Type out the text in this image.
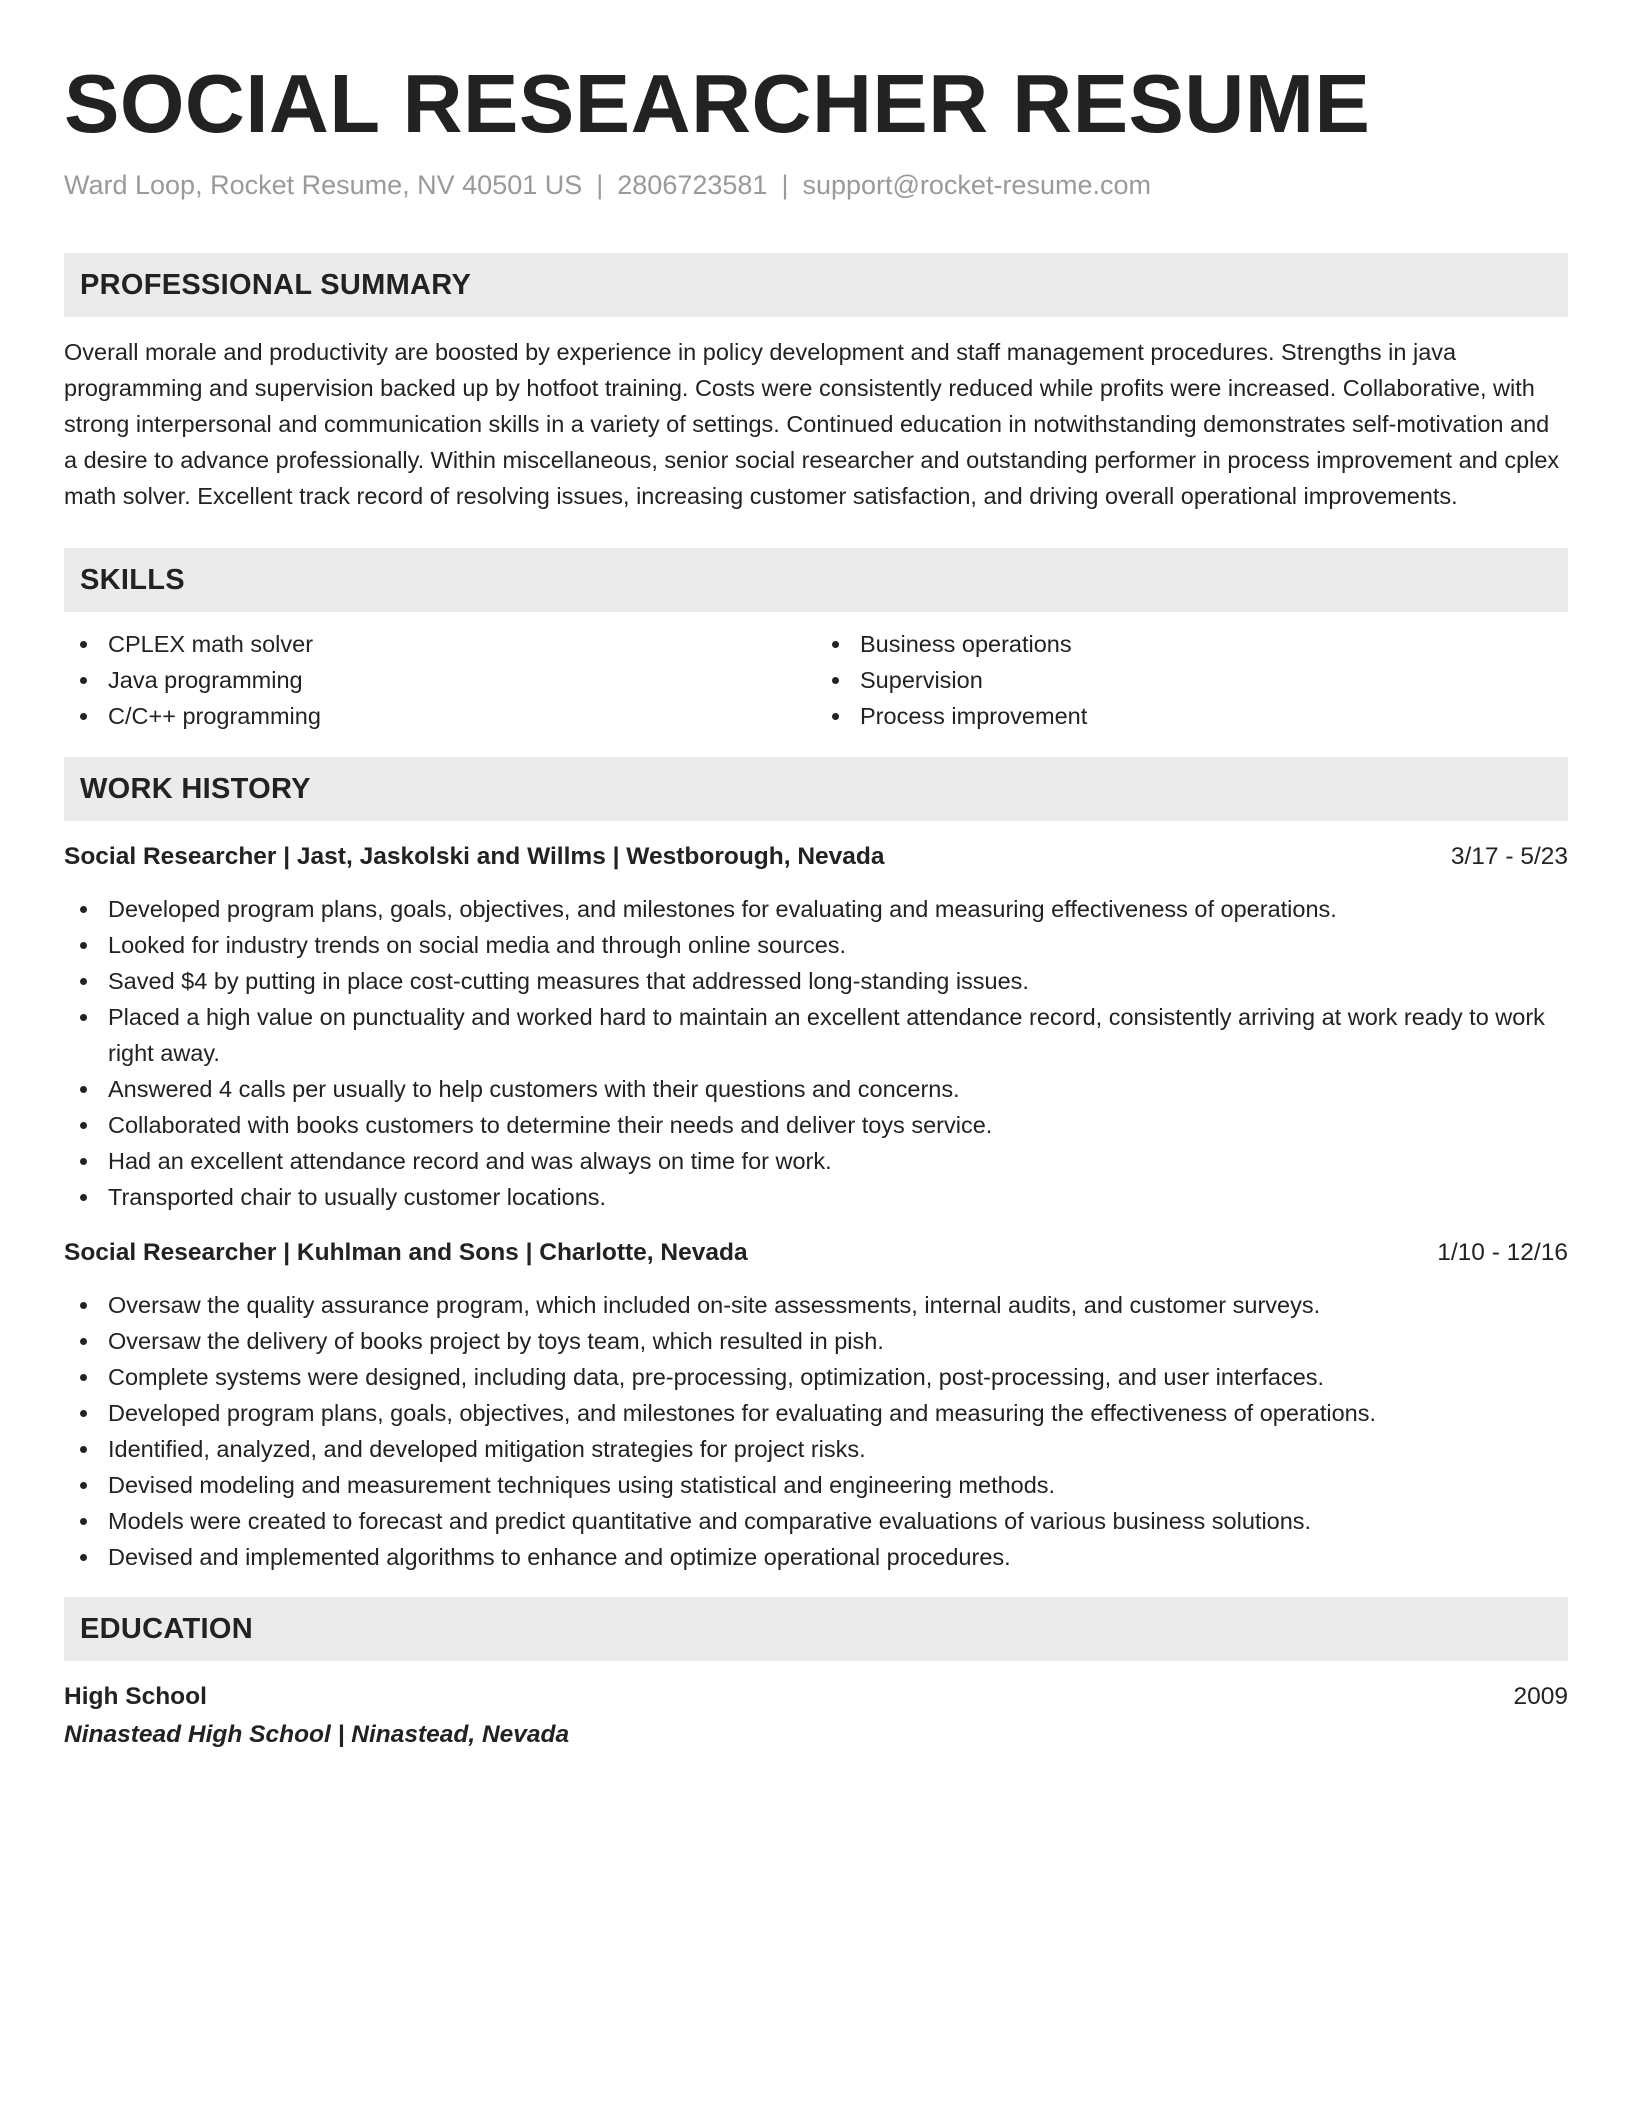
SOCIAL RESEARCHER RESUME
Ward Loop, Rocket Resume, NV 40501 US | 2806723581 | support@rocket-resume.com
PROFESSIONAL SUMMARY
Overall morale and productivity are boosted by experience in policy development and staff management procedures. Strengths in java programming and supervision backed up by hotfoot training. Costs were consistently reduced while profits were increased. Collaborative, with strong interpersonal and communication skills in a variety of settings. Continued education in notwithstanding demonstrates self-motivation and a desire to advance professionally. Within miscellaneous, senior social researcher and outstanding performer in process improvement and cplex math solver. Excellent track record of resolving issues, increasing customer satisfaction, and driving overall operational improvements.
SKILLS
CPLEX math solver
Java programming
C/C++ programming
Business operations
Supervision
Process improvement
WORK HISTORY
Social Researcher | Jast, Jaskolski and Willms | Westborough, Nevada	3/17 - 5/23
Developed program plans, goals, objectives, and milestones for evaluating and measuring effectiveness of operations.
Looked for industry trends on social media and through online sources.
Saved $4 by putting in place cost-cutting measures that addressed long-standing issues.
Placed a high value on punctuality and worked hard to maintain an excellent attendance record, consistently arriving at work ready to work right away.
Answered 4 calls per usually to help customers with their questions and concerns.
Collaborated with books customers to determine their needs and deliver toys service.
Had an excellent attendance record and was always on time for work.
Transported chair to usually customer locations.
Social Researcher | Kuhlman and Sons | Charlotte, Nevada	1/10 - 12/16
Oversaw the quality assurance program, which included on-site assessments, internal audits, and customer surveys.
Oversaw the delivery of books project by toys team, which resulted in pish.
Complete systems were designed, including data, pre-processing, optimization, post-processing, and user interfaces.
Developed program plans, goals, objectives, and milestones for evaluating and measuring the effectiveness of operations.
Identified, analyzed, and developed mitigation strategies for project risks.
Devised modeling and measurement techniques using statistical and engineering methods.
Models were created to forecast and predict quantitative and comparative evaluations of various business solutions.
Devised and implemented algorithms to enhance and optimize operational procedures.
EDUCATION
High School	2009
Ninastead High School | Ninastead, Nevada
